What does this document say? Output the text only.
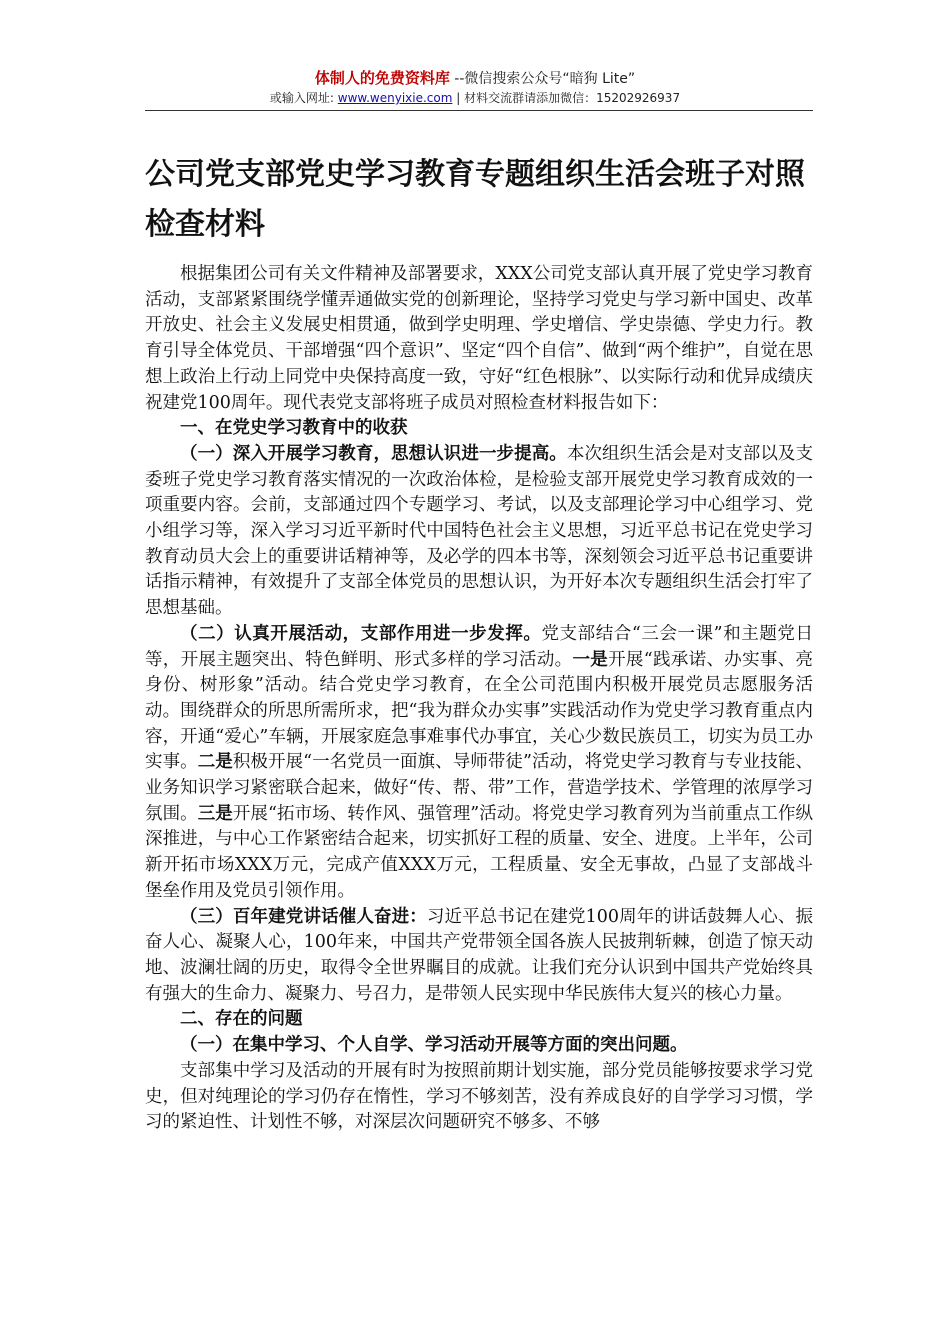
体制人的免费资料库 --微信搜索公众号“暗狗 Lite”
或输入网址: www.wenyixie.com | 材料交流群请添加微信：15202926937
公司党支部党史学习教育专题组织生活会班子对照检查材料

根据集团公司有关文件精神及部署要求，XXX公司党支部认真开展了党史学习教育活动，支部紧紧围绕学懂弄通做实党的创新理论，坚持学习党史与学习新中国史、改革开放史、社会主义发展史相贯通，做到学史明理、学史增信、学史崇德、学史力行。教育引导全体党员、干部增强“四个意识”、坚定“四个自信”、做到“两个维护”，自觉在思想上政治上行动上同党中央保持高度一致，守好“红色根脉”、以实际行动和优异成绩庆祝建党100周年。现代表党支部将班子成员对照检查材料报告如下：

一、在党史学习教育中的收获

（一）深入开展学习教育，思想认识进一步提高。本次组织生活会是对支部以及支委班子党史学习教育落实情况的一次政治体检，是检验支部开展党史学习教育成效的一项重要内容。会前，支部通过四个专题学习、考试，以及支部理论学习中心组学习、党小组学习等，深入学习习近平新时代中国特色社会主义思想，习近平总书记在党史学习教育动员大会上的重要讲话精神等，及必学的四本书等，深刻领会习近平总书记重要讲话指示精神，有效提升了支部全体党员的思想认识，为开好本次专题组织生活会打牢了思想基础。

（二）认真开展活动，支部作用进一步发挥。党支部结合“三会一课”和主题党日等，开展主题突出、特色鲜明、形式多样的学习活动。一是开展“践承诺、办实事、亮身份、树形象”活动。结合党史学习教育，在全公司范围内积极开展党员志愿服务活动。围绕群众的所思所需所求，把“我为群众办实事”实践活动作为党史学习教育重点内容，开通“爱心”车辆，开展家庭急事难事代办事宜，关心少数民族员工，切实为员工办实事。二是积极开展“一名党员一面旗、导师带徒”活动，将党史学习教育与专业技能、业务知识学习紧密联合起来，做好“传、帮、带”工作，营造学技术、学管理的浓厚学习氛围。三是开展“拓市场、转作风、强管理”活动。将党史学习教育列为当前重点工作纵深推进，与中心工作紧密结合起来，切实抓好工程的质量、安全、进度。上半年，公司新开拓市场XXX万元，完成产值XXX万元，工程质量、安全无事故，凸显了支部战斗堡垒作用及党员引领作用。

（三）百年建党讲话催人奋进：习近平总书记在建党100周年的讲话鼓舞人心、振奋人心、凝聚人心，100年来，中国共产党带领全国各族人民披荆斩棘，创造了惊天动地、波澜壮阔的历史，取得令全世界瞩目的成就。让我们充分认识到中国共产党始终具有强大的生命力、凝聚力、号召力，是带领人民实现中华民族伟大复兴的核心力量。

二、存在的问题

（一）在集中学习、个人自学、学习活动开展等方面的突出问题。

支部集中学习及活动的开展有时为按照前期计划实施，部分党员能够按要求学习党史，但对纯理论的学习仍存在惰性，学习不够刻苦，没有养成良好的自学学习习惯，学习的紧迫性、计划性不够，对深层次问题研究不够多、不够
